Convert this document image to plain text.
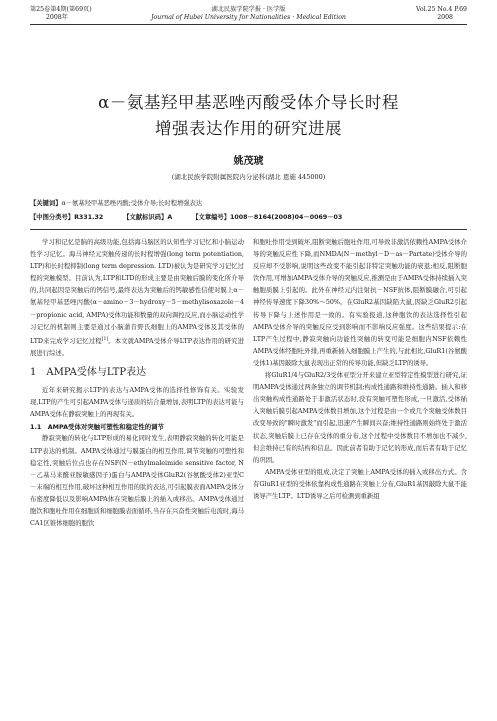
第25卷第4期(第69页)
2008年
湖北民族学院学报 · 医学版
Journal of Hubei University for Nationalities · Medical Edition
Vol.25 No.4 P.69
2008
α－氨基羟甲基恶唑丙酸受体介导长时程
增强表达作用的研究进展
姚茂琥
(湖北民族学院附属医院内分泌科(湖北 恩施 445000)
【关键词】α－氨基羟甲基恶唑丙酸;受体介导;长时程增强表达
【中图分类号】R331.32	【文献标识码】A	【文章编号】1008－8164(2008)04－0069－03

学习和记忆是脑的高级功能,包括海马脑区的认知性学习记忆和小脑运动性学习记忆。海马神经元突触传递的长时程增强(long term potentiation, LTP)和长时程抑制(long term depression. LTD)被认为是研究学习记忆过程的突触模型。目前认为,LTP和LTD的形成主要是由突触后膜的变化所介导的,共同起因是突触后的钙信号,最终表达为突触后的钙敏感性信使对膜上α－氨基羟甲基恶唑丙酸(α－amino－3－hydroxy－5－methylisoxazole－4－propionic acid, AMPA)受体功能和数量的双向调控反应,而小脑运动性学习记忆的机制则主要是通过小脑蒲肯野氏细胞上的AMPA受体及其受体的LTD来完成学习记忆过程[1]。本文就AMPA受体介导LTP表达作用的研究进展进行综述。

1　AMPA受体与LTP表达

近年来研究揭示LTP的表达与AMPA受体的选择性修饰有关。实验发现,LTP的产生可引起AMPA受体与递质的结合量增加,表明LTP的表达可能与AMPA受体在静寂突触上的再现有关。

1.1　AMPA受体对突触可塑性和稳定性的调节

静寂突触的转化与LTP形成的易化同时发生,表明静寂突触的转化可能是LTP表达的机制。AMPA受体通过与膜蛋白的相互作用,调节突触的可塑性和稳定性,突触后位点也存在NSF(N－ethylmaleimide sensitive factor, N－乙基马来酰亚胺敏感因子)蛋白与AMPA受体GluR2(谷氨酸受体2)亚型C－末端的相互作用,破坏这种相互作用的肽的表达,可引起膜表面AMPA受体分布密度降低以及影响AMPA体在突触后膜上的插入或移出。AMPA受体通过胞饮和胞吐作用在细胞质和细胞膜表面循环,当存在兴奋性突触后电流时,海马CA1区锥体细胞的胞饮

和胞吐作用受到破坏,阻断突触后胞吐作用,可导致非激活依赖性AMPA受体介导的突触反应性下降,而NMDA(N－methyl－D－as－Partate)受体介导的反应却不受影响,说明这些改变不能引起非特定突触功能的衰退;相反,阻断胞饮作用,可增加AMPA受体介导的突触反应,推测是由于AMPA受体持续插入突触胞质膜上引起的。此外在神经元内注射抗－NSF抗体,阻断膜融合,可引起神经传导速度下降30%～50%。在GluR2基因缺陷大鼠,因缺乏GluR2引起传导下降与上述作用是一致的。有实验报道,这种胞饮的表达选择性引起AMPA受体介导的突触反应受到影响而不影响反应强度。这些结果提示:在LTP产生过程中,静寂突触向功能性突触的转变可能是细胞内NSF依赖性AMPA受体经胞吐外排,再重新插入细胞膜上产生的,与此相比,GluR1(谷氨酸受体1)基因敲除大鼠表现出正常的传导功能,但缺乏LTP的诱导。

将GluR1/4与GluR2/3受体亚型分开来建立亚型特定性模型进行研究,证明AMPA受体通过两条独立的调节机制;构成性通路和维持性通路。插入和移出突触构成性通路处于非激活状态时,没有突触可塑性形成,一旦激活,受体插入突触后膜引起AMPA受体数目增加,这个过程是由一个或几个突触受体数目改变导致的"瞬时激发"而引起,迅速产生瞬间兴奋;维持性通路则始终处于激活状态,突触后膜上已存在受体的重分布,这个过程中受体数目不增加也不减少,但会维持已有的结构和信息。因此前者有助于记忆的形成,而后者有助于记忆的巩固。

AMPA受体亚型的组成,决定了突触上AMPA受体的插入或移出方式。含有GluR1亚型的受体依靠构成性通路在突触上分布,GluR1基因敲除大鼠不能诱导产生LTP。LTD诱导之后可检测到重新组
